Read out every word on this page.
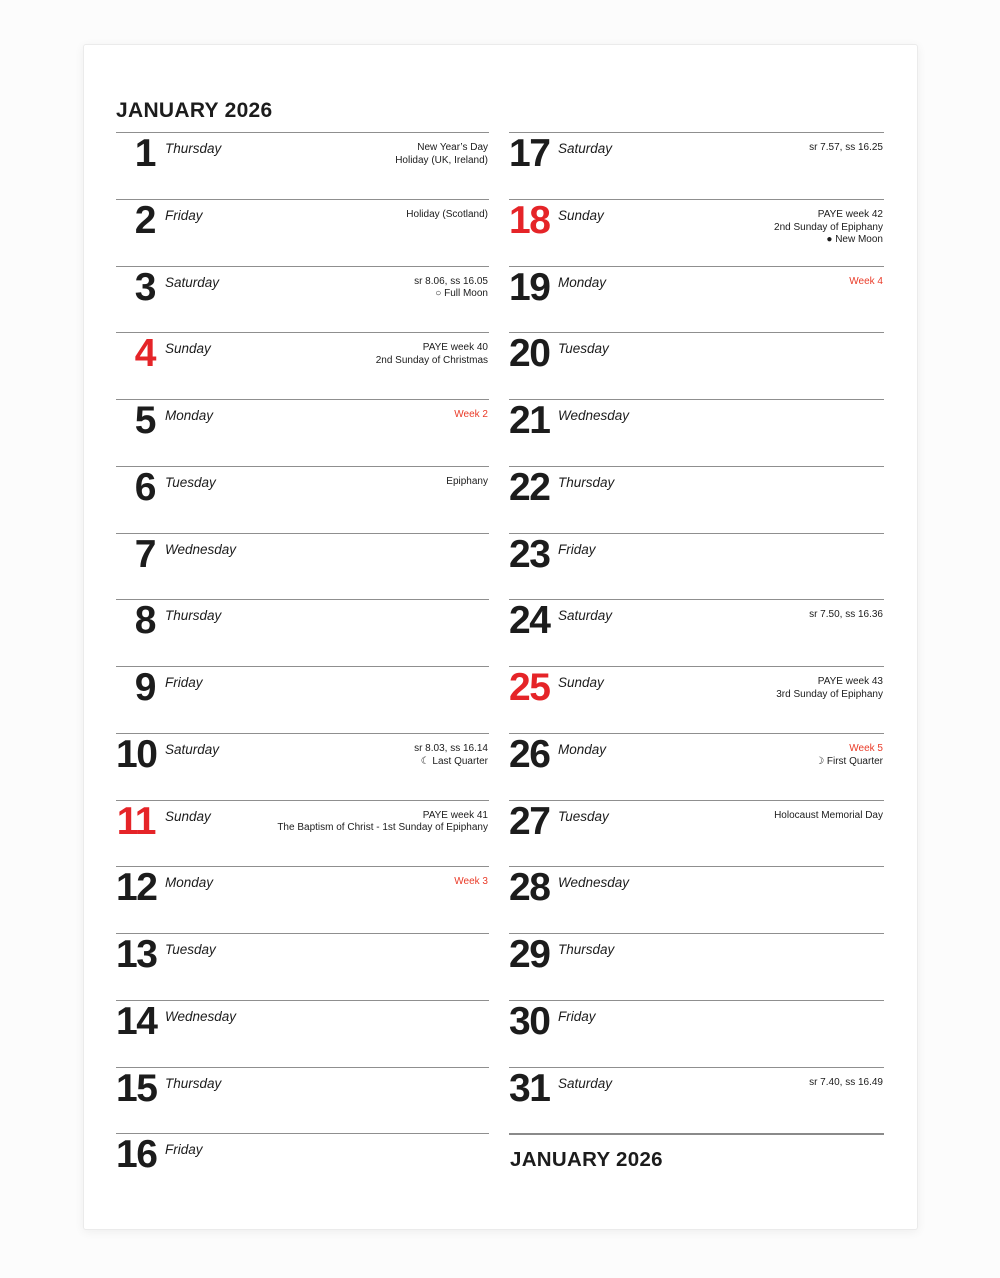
JANUARY 2026
1 Thursday	New Year’s Day
Holiday (UK, Ireland)
2 Friday	Holiday (Scotland)
3 Saturday	sr 8.06, ss 16.05
○ Full Moon
4 Sunday	PAYE week 40
2nd Sunday of Christmas
5 Monday	Week 2
6 Tuesday	Epiphany
7 Wednesday
8 Thursday
9 Friday
10 Saturday	sr 8.03, ss 16.14
☾ Last Quarter
11 Sunday	PAYE week 41
The Baptism of Christ - 1st Sunday of Epiphany
12 Monday	Week 3
13 Tuesday
14 Wednesday
15 Thursday
16 Friday
17 Saturday	sr 7.57, ss 16.25
18 Sunday	PAYE week 42
2nd Sunday of Epiphany
● New Moon
19 Monday	Week 4
20 Tuesday
21 Wednesday
22 Thursday
23 Friday
24 Saturday	sr 7.50, ss 16.36
25 Sunday	PAYE week 43
3rd Sunday of Epiphany
26 Monday	Week 5
☽ First Quarter
27 Tuesday	Holocaust Memorial Day
28 Wednesday
29 Thursday
30 Friday
31 Saturday	sr 7.40, ss 16.49
JANUARY 2026
